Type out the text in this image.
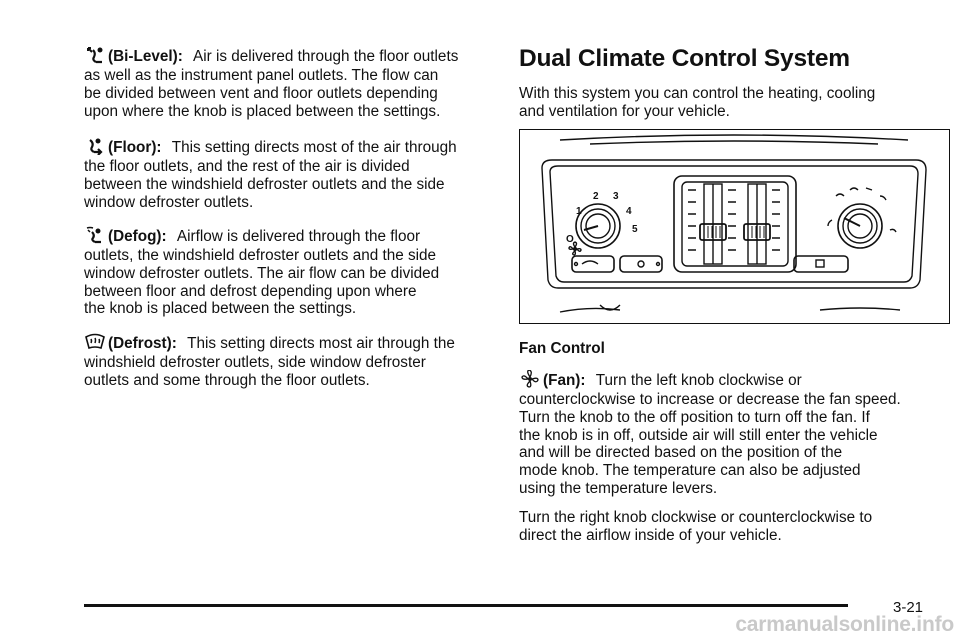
(Bi-Level): Air is delivered through the floor outlets
as well as the instrument panel outlets. The flow can
be divided between vent and floor outlets depending
upon where the knob is placed between the settings.

(Floor): This setting directs most of the air through
the floor outlets, and the rest of the air is divided
between the windshield defroster outlets and the side
window defroster outlets.

(Defog): Airflow is delivered through the floor
outlets, the windshield defroster outlets and the side
window defroster outlets. The air flow can be divided
between floor and defrost depending upon where
the knob is placed between the settings.

(Defrost): This setting directs most air through the
windshield defroster outlets, side window defroster
outlets and some through the floor outlets.

Dual Climate Control System

With this system you can control the heating, cooling
and ventilation for your vehicle.

Fan Control

(Fan): Turn the left knob clockwise or
counterclockwise to increase or decrease the fan speed.
Turn the knob to the off position to turn off the fan. If
the knob is in off, outside air will still enter the vehicle
and will be directed based on the position of the
mode knob. The temperature can also be adjusted
using the temperature levers.

Turn the right knob clockwise or counterclockwise to
direct the airflow inside of your vehicle.

O
1
2 3
4
5
3-21
carmanualsonline.info
